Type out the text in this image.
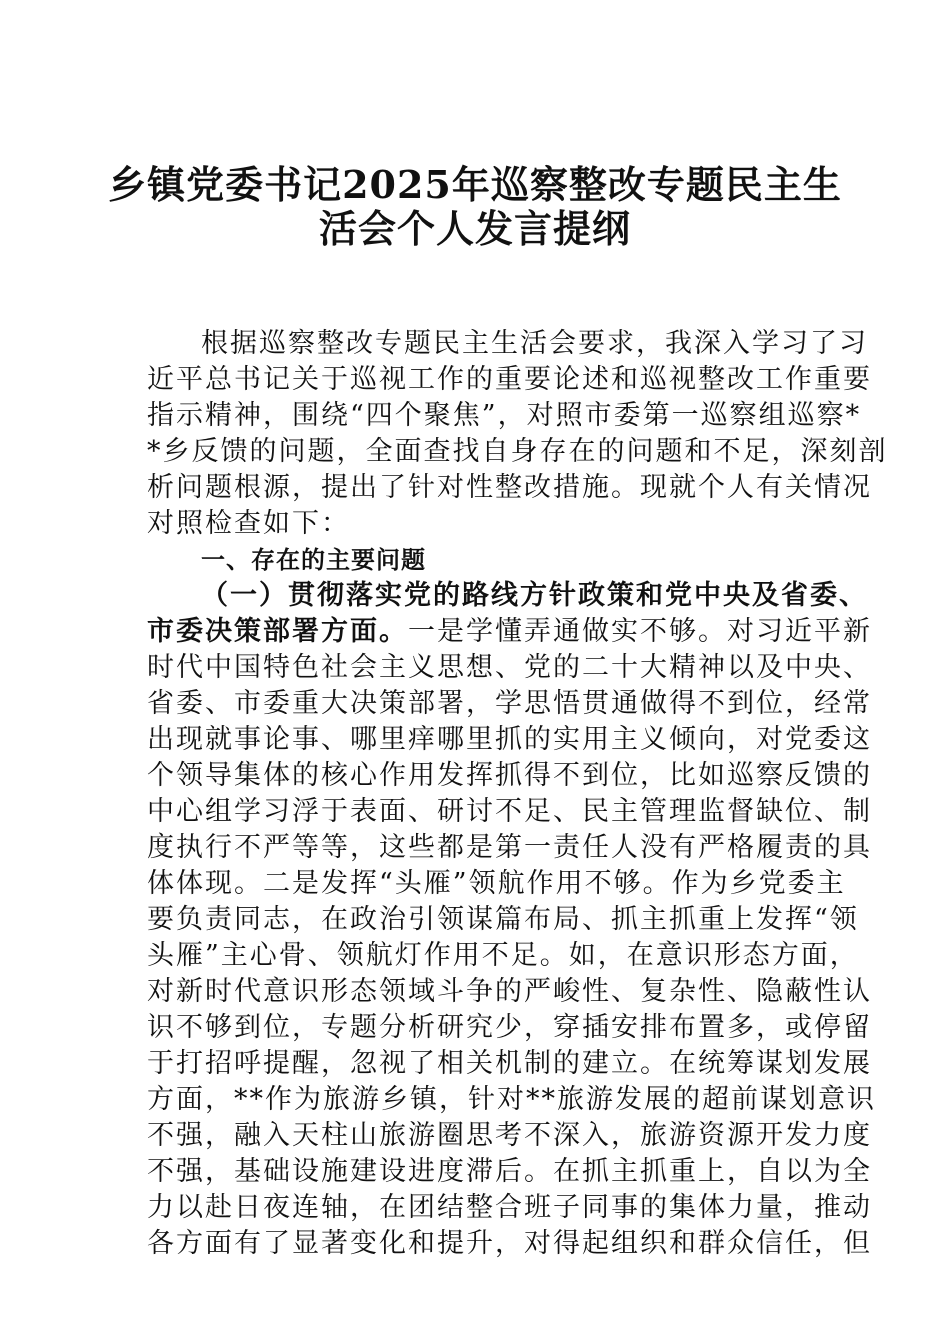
乡镇党委书记2025年巡察整改专题民主生
活会个人发言提纲
根据巡察整改专题民主生活会要求，我深入学习了习
近平总书记关于巡视工作的重要论述和巡视整改工作重要
指示精神，围绕“四个聚焦”，对照市委第一巡察组巡察*
*乡反馈的问题，全面查找自身存在的问题和不足，深刻剖
析问题根源，提出了针对性整改措施。现就个人有关情况
对照检查如下：
一、存在的主要问题
（一）贯彻落实党的路线方针政策和党中央及省委、
市委决策部署方面。一是学懂弄通做实不够。对习近平新
时代中国特色社会主义思想、党的二十大精神以及中央、
省委、市委重大决策部署，学思悟贯通做得不到位，经常
出现就事论事、哪里痒哪里抓的实用主义倾向，对党委这
个领导集体的核心作用发挥抓得不到位，比如巡察反馈的
中心组学习浮于表面、研讨不足、民主管理监督缺位、制
度执行不严等等，这些都是第一责任人没有严格履责的具
体体现。二是发挥“头雁”领航作用不够。作为乡党委主
要负责同志，在政治引领谋篇布局、抓主抓重上发挥“领
头雁”主心骨、领航灯作用不足。如，在意识形态方面，
对新时代意识形态领域斗争的严峻性、复杂性、隐蔽性认
识不够到位，专题分析研究少，穿插安排布置多，或停留
于打招呼提醒，忽视了相关机制的建立。在统筹谋划发展
方面，**作为旅游乡镇，针对**旅游发展的超前谋划意识
不强，融入天柱山旅游圈思考不深入，旅游资源开发力度
不强，基础设施建设进度滞后。在抓主抓重上，自以为全
力以赴日夜连轴，在团结整合班子同事的集体力量，推动
各方面有了显著变化和提升，对得起组织和群众信任，但
